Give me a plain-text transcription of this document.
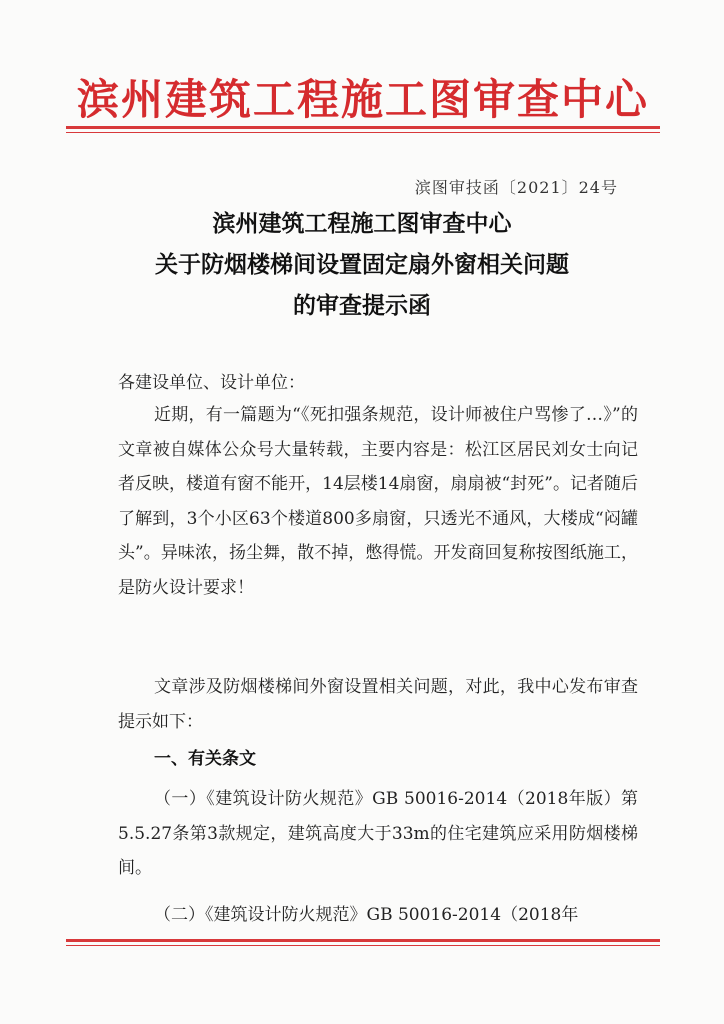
滨州建筑工程施工图审查中心
滨图审技函〔2021〕24号
滨州建筑工程施工图审查中心
关于防烟楼梯间设置固定扇外窗相关问题
的审查提示函
各建设单位、设计单位：
近期，有一篇题为“《死扣强条规范，设计师被住户骂惨了…》”的文章被自媒体公众号大量转载，主要内容是：松江区居民刘女士向记者反映，楼道有窗不能开，14层楼14扇窗，扇扇被“封死”。记者随后了解到，3个小区63个楼道800多扇窗，只透光不通风，大楼成“闷罐头”。异味浓，扬尘舞，散不掉，憋得慌。开发商回复称按图纸施工，是防火设计要求！
文章涉及防烟楼梯间外窗设置相关问题，对此，我中心发布审查提示如下：
一、有关条文
（一）《建筑设计防火规范》GB 50016-2014（2018年版）第5.5.27条第3款规定，建筑高度大于33m的住宅建筑应采用防烟楼梯间。
（二）《建筑设计防火规范》GB 50016-2014（2018年
